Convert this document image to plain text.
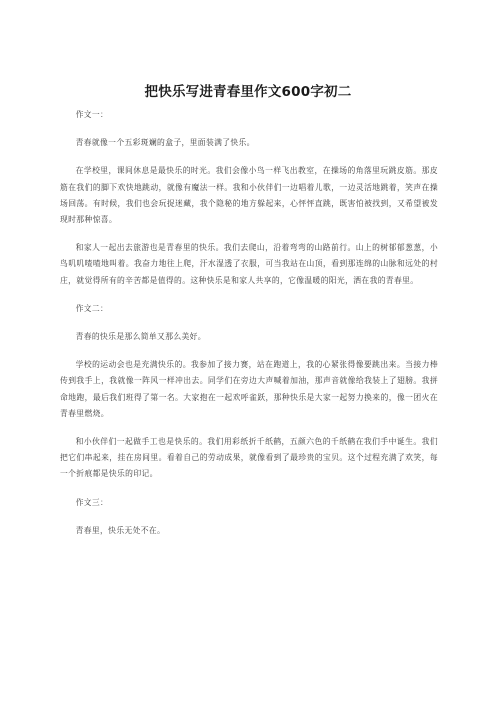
把快乐写进青春里作文600字初二

作文一：

青春就像一个五彩斑斓的盒子，里面装满了快乐。

在学校里，课间休息是最快乐的时光。我们会像小鸟一样飞出教室，在操场的角落里玩跳皮筋。那皮筋在我们的脚下欢快地跳动，就像有魔法一样。我和小伙伴们一边唱着儿歌，一边灵活地跳着，笑声在操场回荡。有时候，我们也会玩捉迷藏，我个隐秘的地方躲起来，心怦怦直跳，既害怕被找到，又希望被发现时那种惊喜。

和家人一起出去旅游也是青春里的快乐。我们去爬山，沿着弯弯的山路前行。山上的树郁郁葱葱，小鸟叽叽喳喳地叫着。我奋力地往上爬，汗水湿透了衣服，可当我站在山顶，看到那连绵的山脉和远处的村庄，就觉得所有的辛苦都是值得的。这种快乐是和家人共享的，它像温暖的阳光，洒在我的青春里。

作文二：

青春的快乐是那么简单又那么美好。

学校的运动会也是充满快乐的。我参加了接力赛，站在跑道上，我的心紧张得像要跳出来。当接力棒传到我手上，我就像一阵风一样冲出去。同学们在旁边大声喊着加油，那声音就像给我装上了翅膀。我拼命地跑，最后我们班得了第一名。大家抱在一起欢呼雀跃，那种快乐是大家一起努力换来的，像一团火在青春里燃烧。

和小伙伴们一起做手工也是快乐的。我们用彩纸折千纸鹤，五颜六色的千纸鹤在我们手中诞生。我们把它们串起来，挂在房间里。看着自己的劳动成果，就像看到了最珍贵的宝贝。这个过程充满了欢笑，每一个折痕都是快乐的印记。

作文三：

青春里，快乐无处不在。
